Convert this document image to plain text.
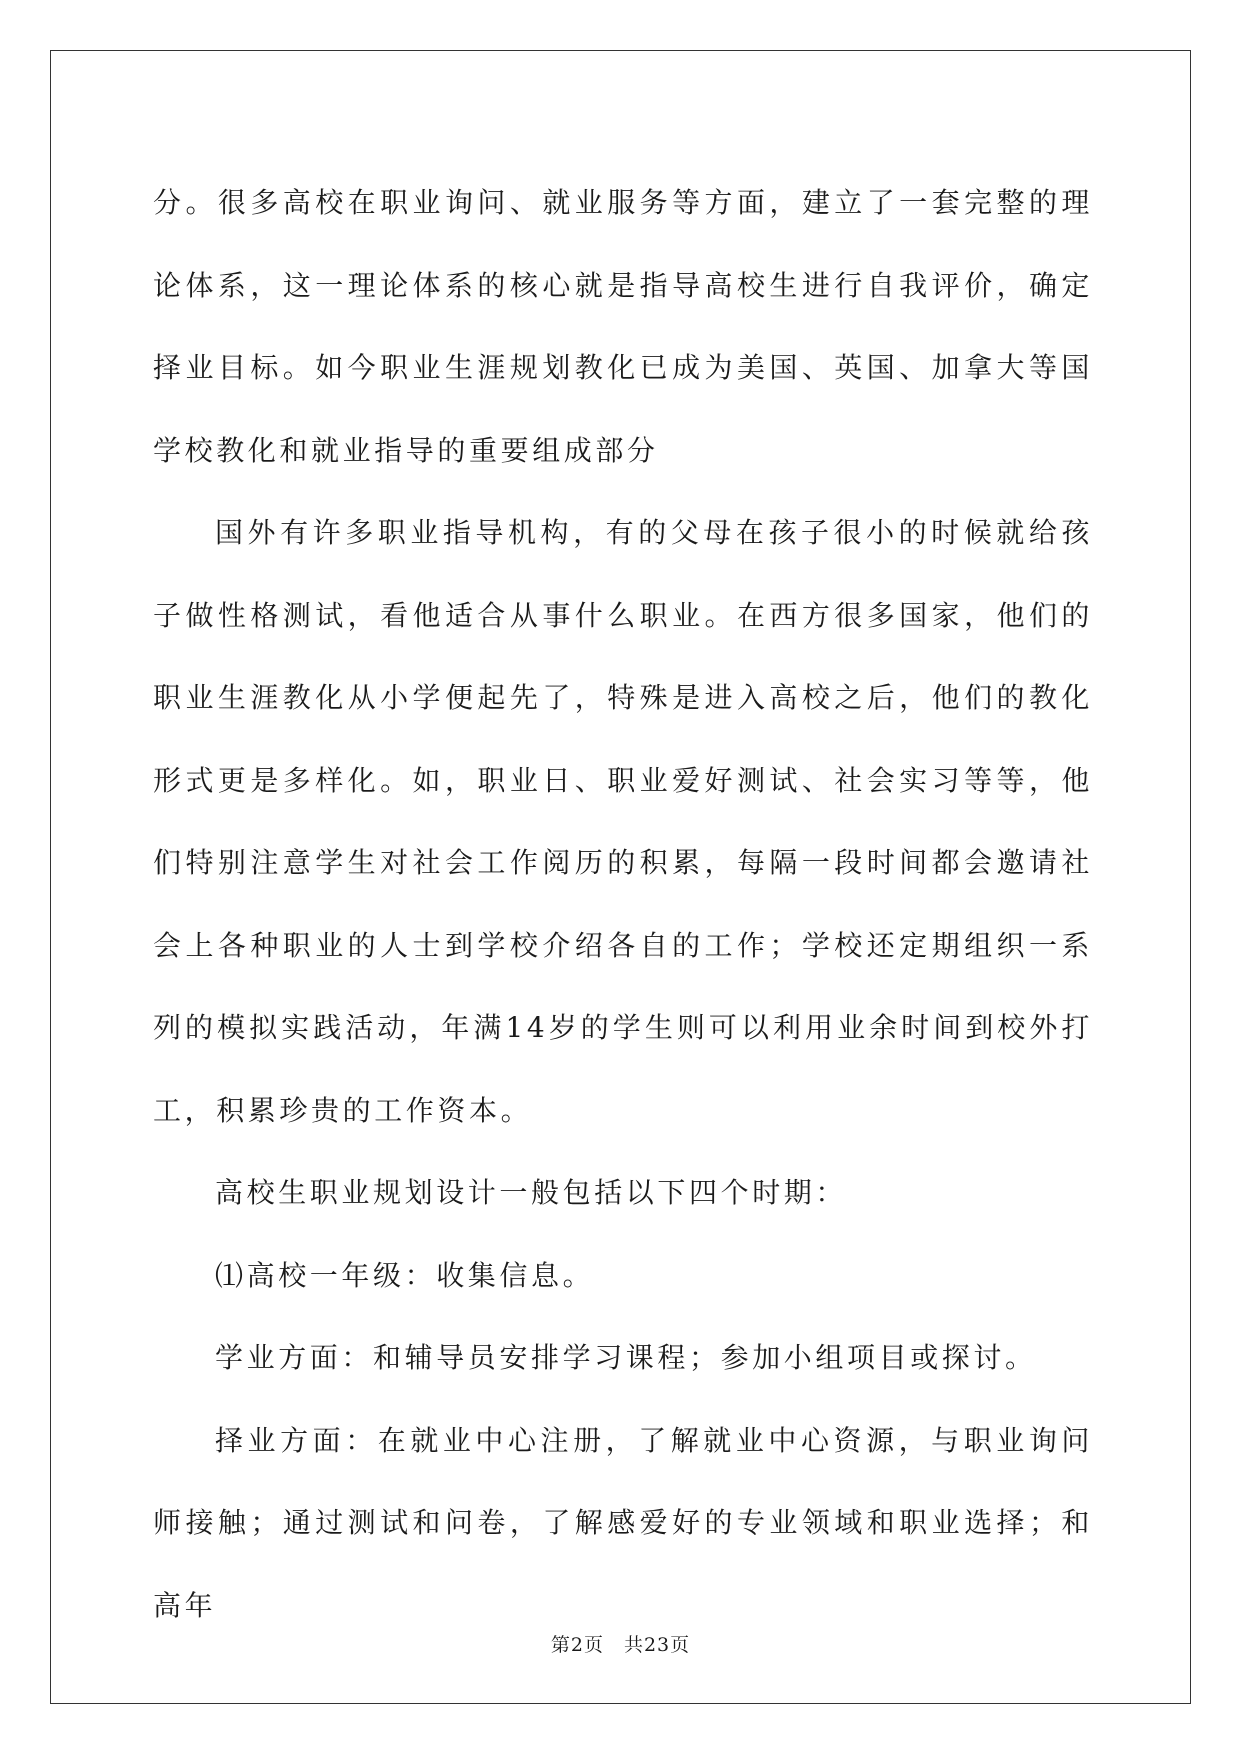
分。很多高校在职业询问、就业服务等方面，建立了一套完整的理论体系，这一理论体系的核心就是指导高校生进行自我评价，确定择业目标。如今职业生涯规划教化已成为美国、英国、加拿大等国学校教化和就业指导的重要组成部分

国外有许多职业指导机构，有的父母在孩子很小的时候就给孩子做性格测试，看他适合从事什么职业。在西方很多国家，他们的职业生涯教化从小学便起先了，特殊是进入高校之后，他们的教化形式更是多样化。如，职业日、职业爱好测试、社会实习等等，他们特别注意学生对社会工作阅历的积累，每隔一段时间都会邀请社会上各种职业的人士到学校介绍各自的工作；学校还定期组织一系列的模拟实践活动，年满14岁的学生则可以利用业余时间到校外打工，积累珍贵的工作资本。

高校生职业规划设计一般包括以下四个时期：

⑴高校一年级：收集信息。

学业方面：和辅导员安排学习课程；参加小组项目或探讨。

择业方面：在就业中心注册，了解就业中心资源，与职业询问师接触；通过测试和问卷，了解感爱好的专业领域和职业选择；和高年

第2页　共23页
